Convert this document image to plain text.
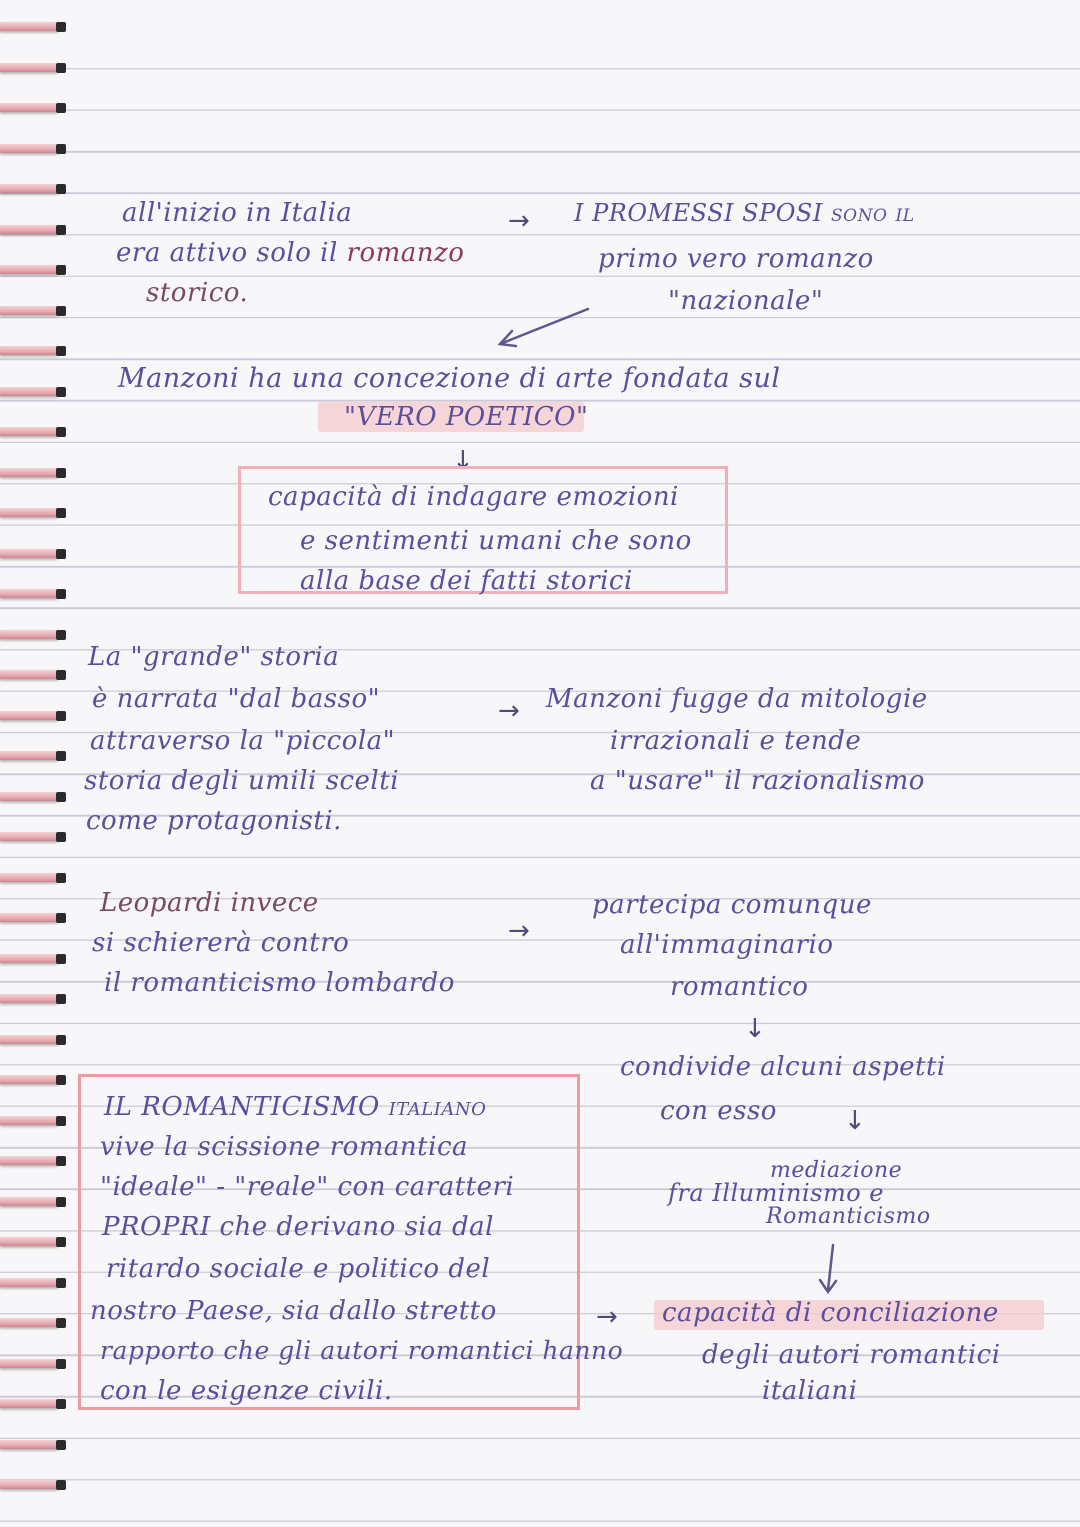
all'inizio in Italia
era attivo solo il romanzo
storico.
→ I PROMESSI SPOSI sono il
primo vero romanzo
"nazionale"
Manzoni ha una concezione di arte fondata sul
"VERO POETICO"
↓
capacità di indagare emozioni
e sentimenti umani che sono
alla base dei fatti storici
La "grande" storia
è narrata "dal basso"
attraverso la "piccola"
storia degli umili scelti
come protagonisti.
→ Manzoni fugge da mitologie
irrazionali e tende
a "usare" il razionalismo
Leopardi invece
si schiererà contro
il romanticismo lombardo
→
partecipa comunque
all'immaginario
romantico
↓
condivide alcuni aspetti
con esso	↓
mediazione
fra Illuminismo e
Romanticismo
IL ROMANTICISMO italiano
vive la scissione romantica
"ideale" - "reale" con caratteri
PROPRI che derivano sia dal
ritardo sociale e politico del
nostro Paese, sia dallo stretto
rapporto che gli autori romantici hanno
con le esigenze civili.
→ capacità di conciliazione
degli autori romantici
italiani
